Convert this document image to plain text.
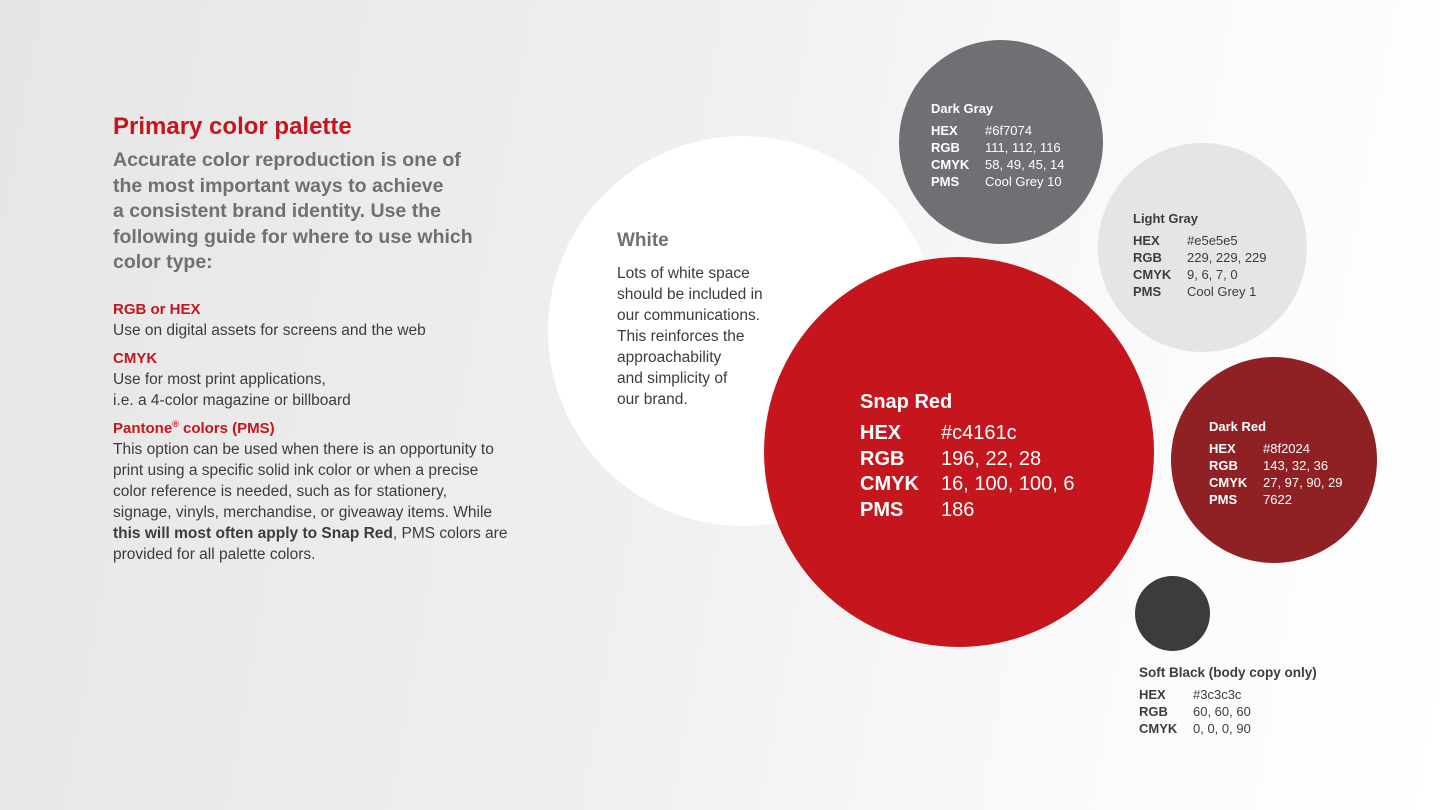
Primary color palette
Accurate color reproduction is one of
the most important ways to achieve
a consistent brand identity. Use the
following guide for where to use which
color type:
RGB or HEX
Use on digital assets for screens and the web
CMYK
Use for most print applications,
i.e. a 4-color magazine or billboard
Pantone® colors (PMS)
This option can be used when there is an opportunity to
print using a specific solid ink color or when a precise
color reference is needed, such as for stationery,
signage, vinyls, merchandise, or giveaway items. While
this will most often apply to Snap Red, PMS colors are
provided for all palette colors.
White
Lots of white space
should be included in
our communications.
This reinforces the
approachability
and simplicity of
our brand.	Snap Red
HEX	#c4161c
RGB	196, 22, 28
CMYK	16, 100, 100, 6
PMS	186
Dark Gray
HEX	#6f7074
RGB	111, 112, 116
CMYK	58, 49, 45, 14
PMS	Cool Grey 10
Light Gray
HEX	#e5e5e5
RGB	229, 229, 229
CMYK	9, 6, 7, 0
PMS	Cool Grey 1
Dark Red
HEX	#8f2024
RGB	143, 32, 36
CMYK	27, 97, 90, 29
PMS	7622
Soft Black (body copy only)
HEX	#3c3c3c
RGB	60, 60, 60
CMYK	0, 0, 0, 90
